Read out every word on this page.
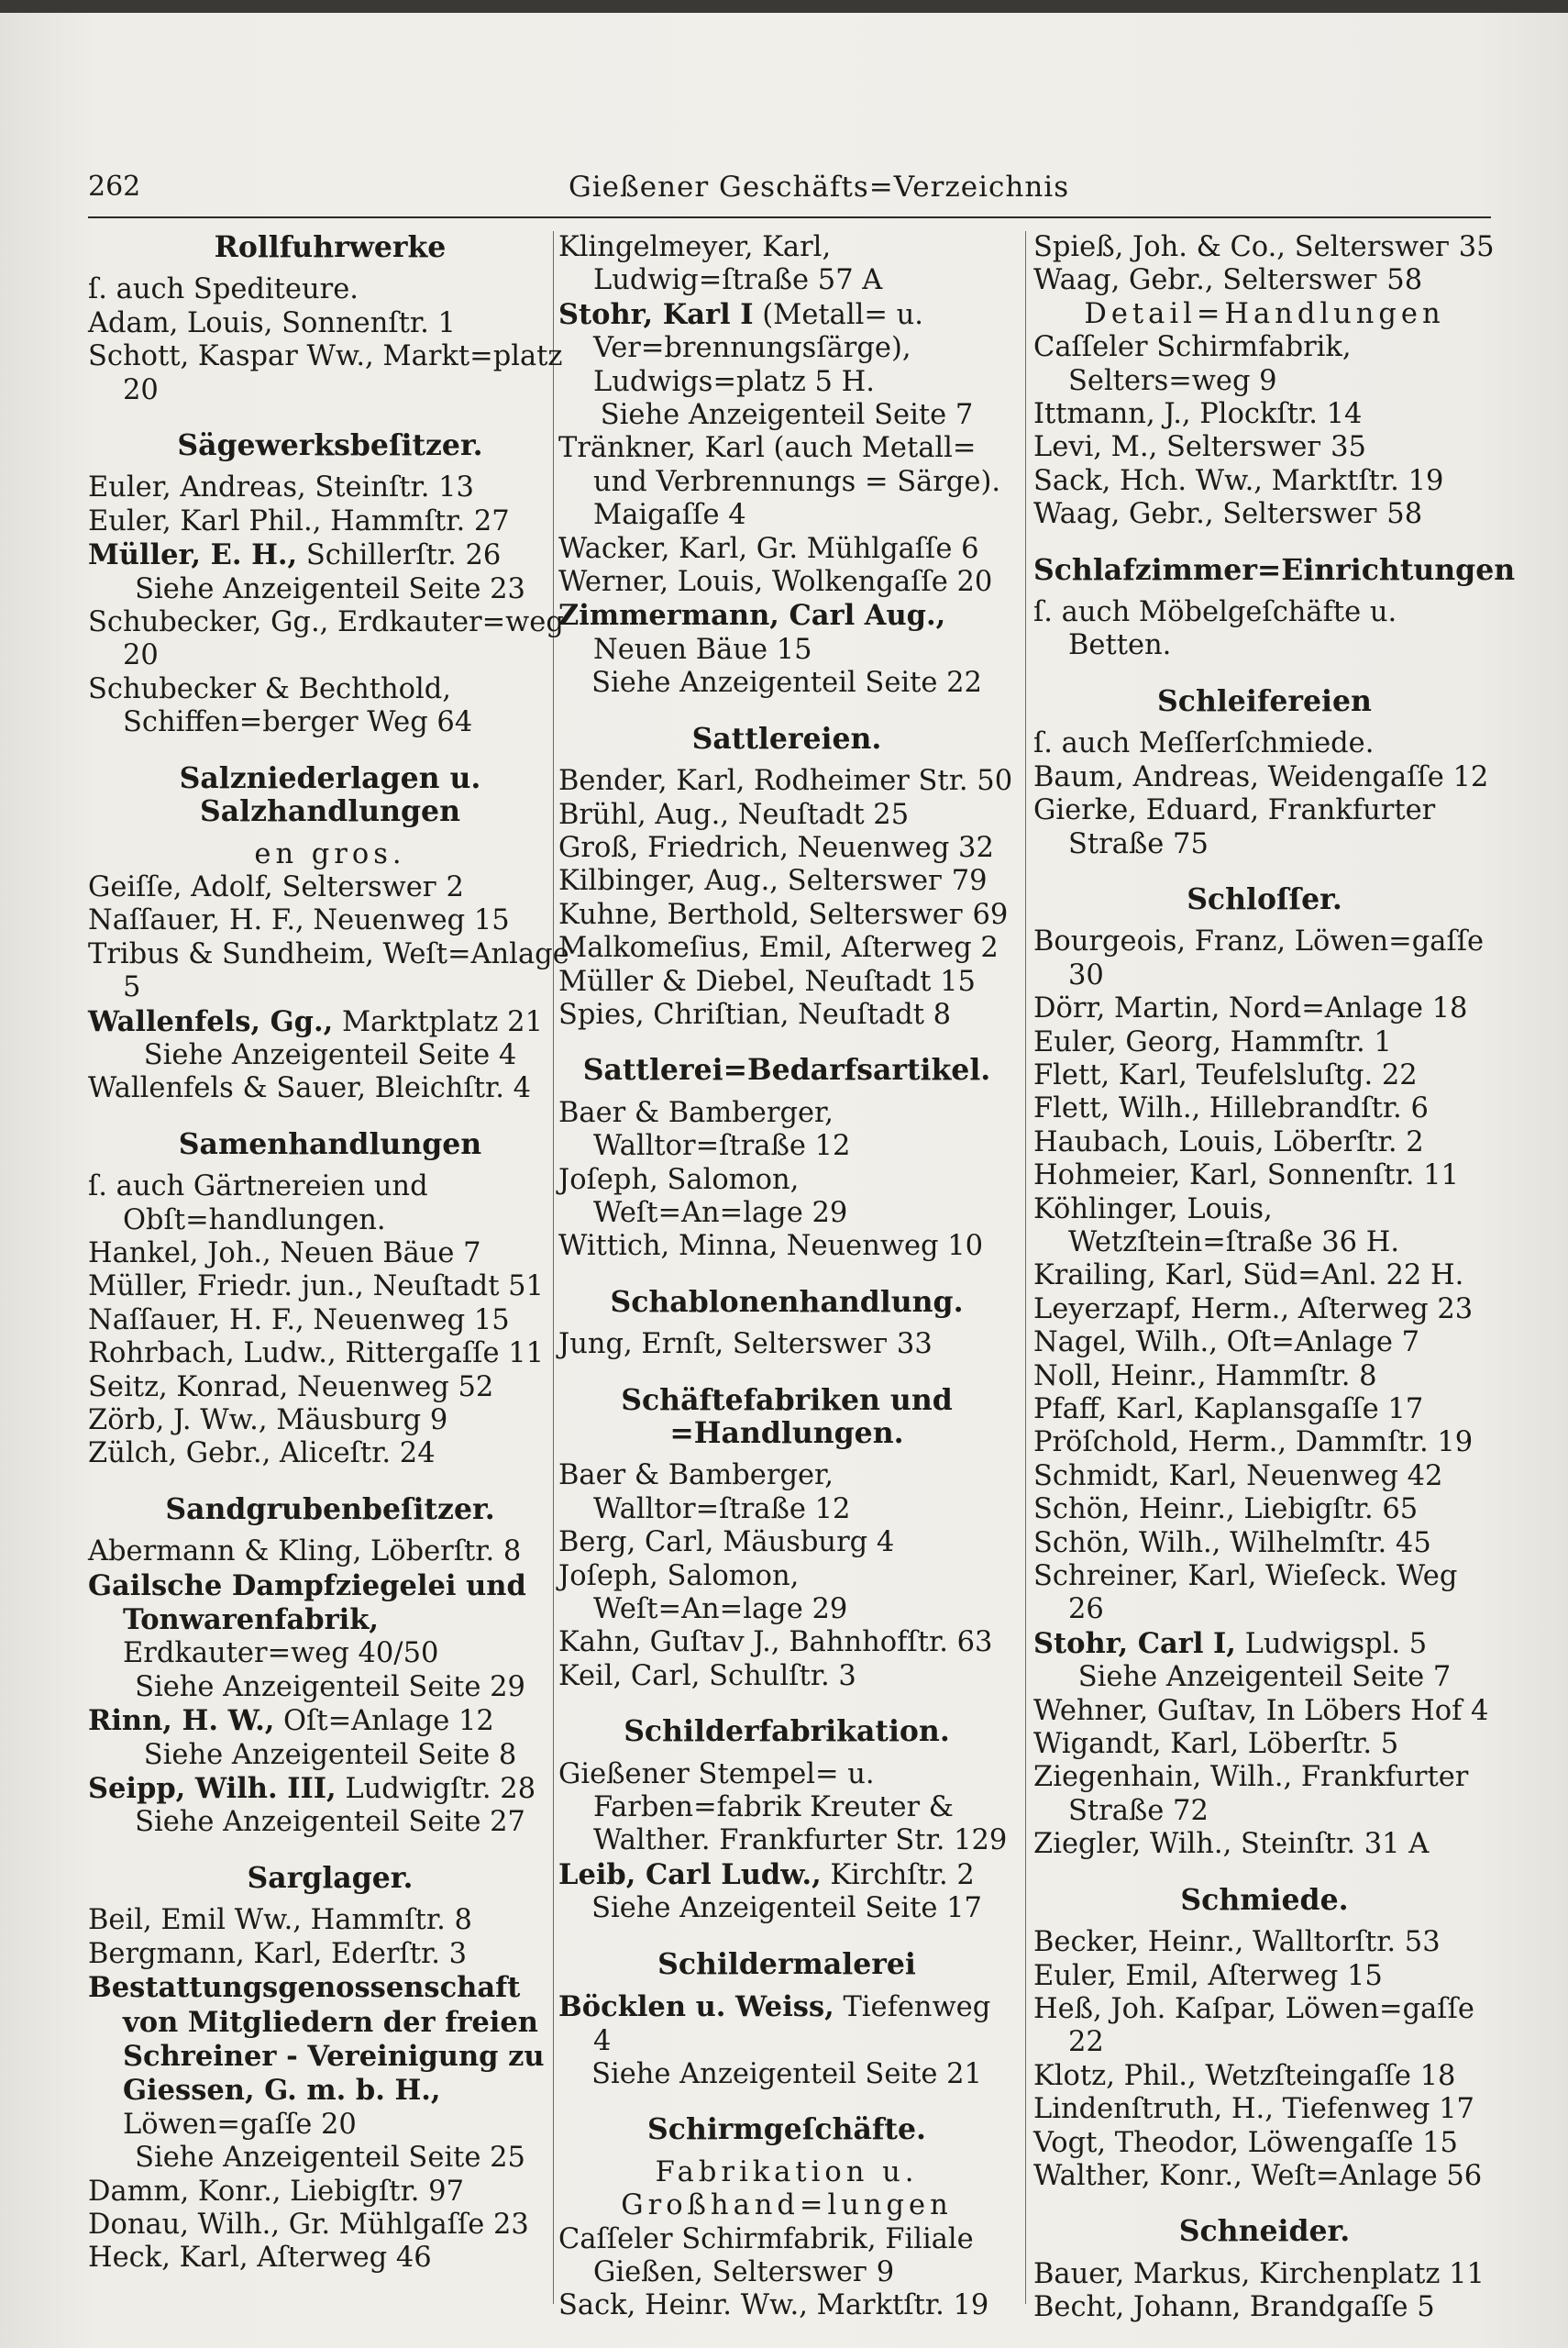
262	Gießener Geschäfts=Verzeichnis
Rollfuhrwerke
ſ. auch Spediteure.
Adam, Louis, Sonnenſtr. 1
Schott, Kaspar Ww., Markt=platz 20
Sägewerksbeſitzer.
Euler, Andreas, Steinſtr. 13
Euler, Karl Phil., Hammſtr. 27
Müller, E. H., Schillerſtr. 26
Siehe Anzeigenteil Seite 23
Schubecker, Gg., Erdkauter=weg 20
Schubecker & Bechthold, Schiffen=berger Weg 64
Salzniederlagen u. Salzhandlungen
en gros.
Geiſſe, Adolf, Selterswег 2
Naſſauer, H. F., Neuenweg 15
Tribus & Sundheim, Weſt=Anlage 5
Wallenfels, Gg., Marktplatz 21
Siehe Anzeigenteil Seite 4
Wallenfels & Sauer, Bleichſtr. 4
Samenhandlungen
ſ. auch Gärtnereien und Obſt=handlungen.
Hankel, Joh., Neuen Bäue 7
Müller, Friedr. jun., Neuſtadt 51
Naſſauer, H. F., Neuenweg 15
Rohrbach, Ludw., Rittergaſſe 11
Seitz, Konrad, Neuenweg 52
Zörb, J. Ww., Mäusburg 9
Zülch, Gebr., Aliceſtr. 24
Sandgrubenbeſitzer.
Abermann & Kling, Löberſtr. 8
Gailsche Dampfziegelei und Tonwarenfabrik, Erdkauter=weg 40/50
Siehe Anzeigenteil Seite 29
Rinn, H. W., Oſt=Anlage 12
Siehe Anzeigenteil Seite 8
Seipp, Wilh. III, Ludwigſtr. 28
Siehe Anzeigenteil Seite 27
Sarglager.
Beil, Emil Ww., Hammſtr. 8
Bergmann, Karl, Ederſtr. 3
Bestattungsgenossenschaft von Mitgliedern der freien Schreiner - Vereinigung zu Giessen, G. m. b. H., Löwen=gaſſe 20
Siehe Anzeigenteil Seite 25
Damm, Konr., Liebigſtr. 97
Donau, Wilh., Gr. Mühlgaſſe 23
Heck, Karl, Aſterweg 46
Klingelmeyer, Karl, Ludwig=ſtraße 57 A
Stohr, Karl I (Metall= u. Ver=brennungsſärge), Ludwigs=platz 5 H.
Siehe Anzeigenteil Seite 7
Tränkner, Karl (auch Metall= und Verbrennungs = Särge). Maigaſſe 4
Wacker, Karl, Gr. Mühlgaſſe 6
Werner, Louis, Wolkengaſſe 20
Zimmermann, Carl Aug., Neuen Bäue 15
Siehe Anzeigenteil Seite 22
Sattlereien.
Bender, Karl, Rodheimer Str. 50
Brühl, Aug., Neuſtadt 25
Groß, Friedrich, Neuenweg 32
Kilbinger, Aug., Selterswег 79
Kuhne, Berthold, Selterswег 69
Malkomeſius, Emil, Aſterweg 2
Müller & Diebel, Neuſtadt 15
Spies, Chriſtian, Neuſtadt 8
Sattlerei=Bedarfsartikel.
Baer & Bamberger, Walltor=ſtraße 12
Joſeph, Salomon, Weſt=An=lage 29
Wittich, Minna, Neuenweg 10
Schablonenhandlung.
Jung, Ernſt, Selterswег 33
Schäftefabriken und =Handlungen.
Baer & Bamberger, Walltor=ſtraße 12
Berg, Carl, Mäusburg 4
Joſeph, Salomon, Weſt=An=lage 29
Kahn, Guſtav J., Bahnhofſtr. 63
Keil, Carl, Schulſtr. 3
Schilderfabrikation.
Gießener Stempel= u. Farben=fabrik Kreuter & Walther. Frankfurter Str. 129
Leib, Carl Ludw., Kirchſtr. 2
Siehe Anzeigenteil Seite 17
Schildermalerei
Böcklen u. Weiss, Tiefenweg 4
Siehe Anzeigenteil Seite 21
Schirmgeſchäfte.
Fabrikation u. Großhand=lungen
Caſſeler Schirmfabrik, Filiale Gießen, Selterswег 9
Sack, Heinr. Ww., Marktſtr. 19
Spieß, Joh. & Co., Selterswег 35
Waag, Gebr., Selterswег 58
Detail=Handlungen
Caſſeler Schirmfabrik, Selters=weg 9
Ittmann, J., Plockſtr. 14
Levi, M., Selterswег 35
Sack, Hch. Ww., Marktſtr. 19
Waag, Gebr., Selterswег 58
Schlafzimmer=Einrichtungen
ſ. auch Möbelgeſchäfte u. Betten.
Schleifereien
ſ. auch Meſſerſchmiede.
Baum, Andreas, Weidengaſſe 12
Gierke, Eduard, Frankfurter Straße 75
Schloſſer.
Bourgeois, Franz, Löwen=gaſſe 30
Dörr, Martin, Nord=Anlage 18
Euler, Georg, Hammſtr. 1
Flett, Karl, Teufelsluſtg. 22
Flett, Wilh., Hillebrandſtr. 6
Haubach, Louis, Löberſtr. 2
Hohmeier, Karl, Sonnenſtr. 11
Köhlinger, Louis, Wetzſtein=ſtraße 36 H.
Krailing, Karl, Süd=Anl. 22 H.
Leyerzapf, Herm., Aſterweg 23
Nagel, Wilh., Oſt=Anlage 7
Noll, Heinr., Hammſtr. 8
Pfaff, Karl, Kaplansgaſſe 17
Pröſchold, Herm., Dammſtr. 19
Schmidt, Karl, Neuenweg 42
Schön, Heinr., Liebigſtr. 65
Schön, Wilh., Wilhelmſtr. 45
Schreiner, Karl, Wieſeck. Weg 26
Stohr, Carl I, Ludwigspl. 5
Siehe Anzeigenteil Seite 7
Wehner, Guſtav, In Löbers Hof 4
Wigandt, Karl, Löberſtr. 5
Ziegenhain, Wilh., Frankfurter Straße 72
Ziegler, Wilh., Steinſtr. 31 A
Schmiede.
Becker, Heinr., Walltorſtr. 53
Euler, Emil, Aſterweg 15
Heß, Joh. Kaſpar, Löwen=gaſſe 22
Klotz, Phil., Wetzſteingaſſe 18
Lindenſtruth, H., Tiefenweg 17
Vogt, Theodor, Löwengaſſe 15
Walther, Konr., Weſt=Anlage 56
Schneider.
Bauer, Markus, Kirchenplatz 11
Becht, Johann, Brandgaſſe 5
